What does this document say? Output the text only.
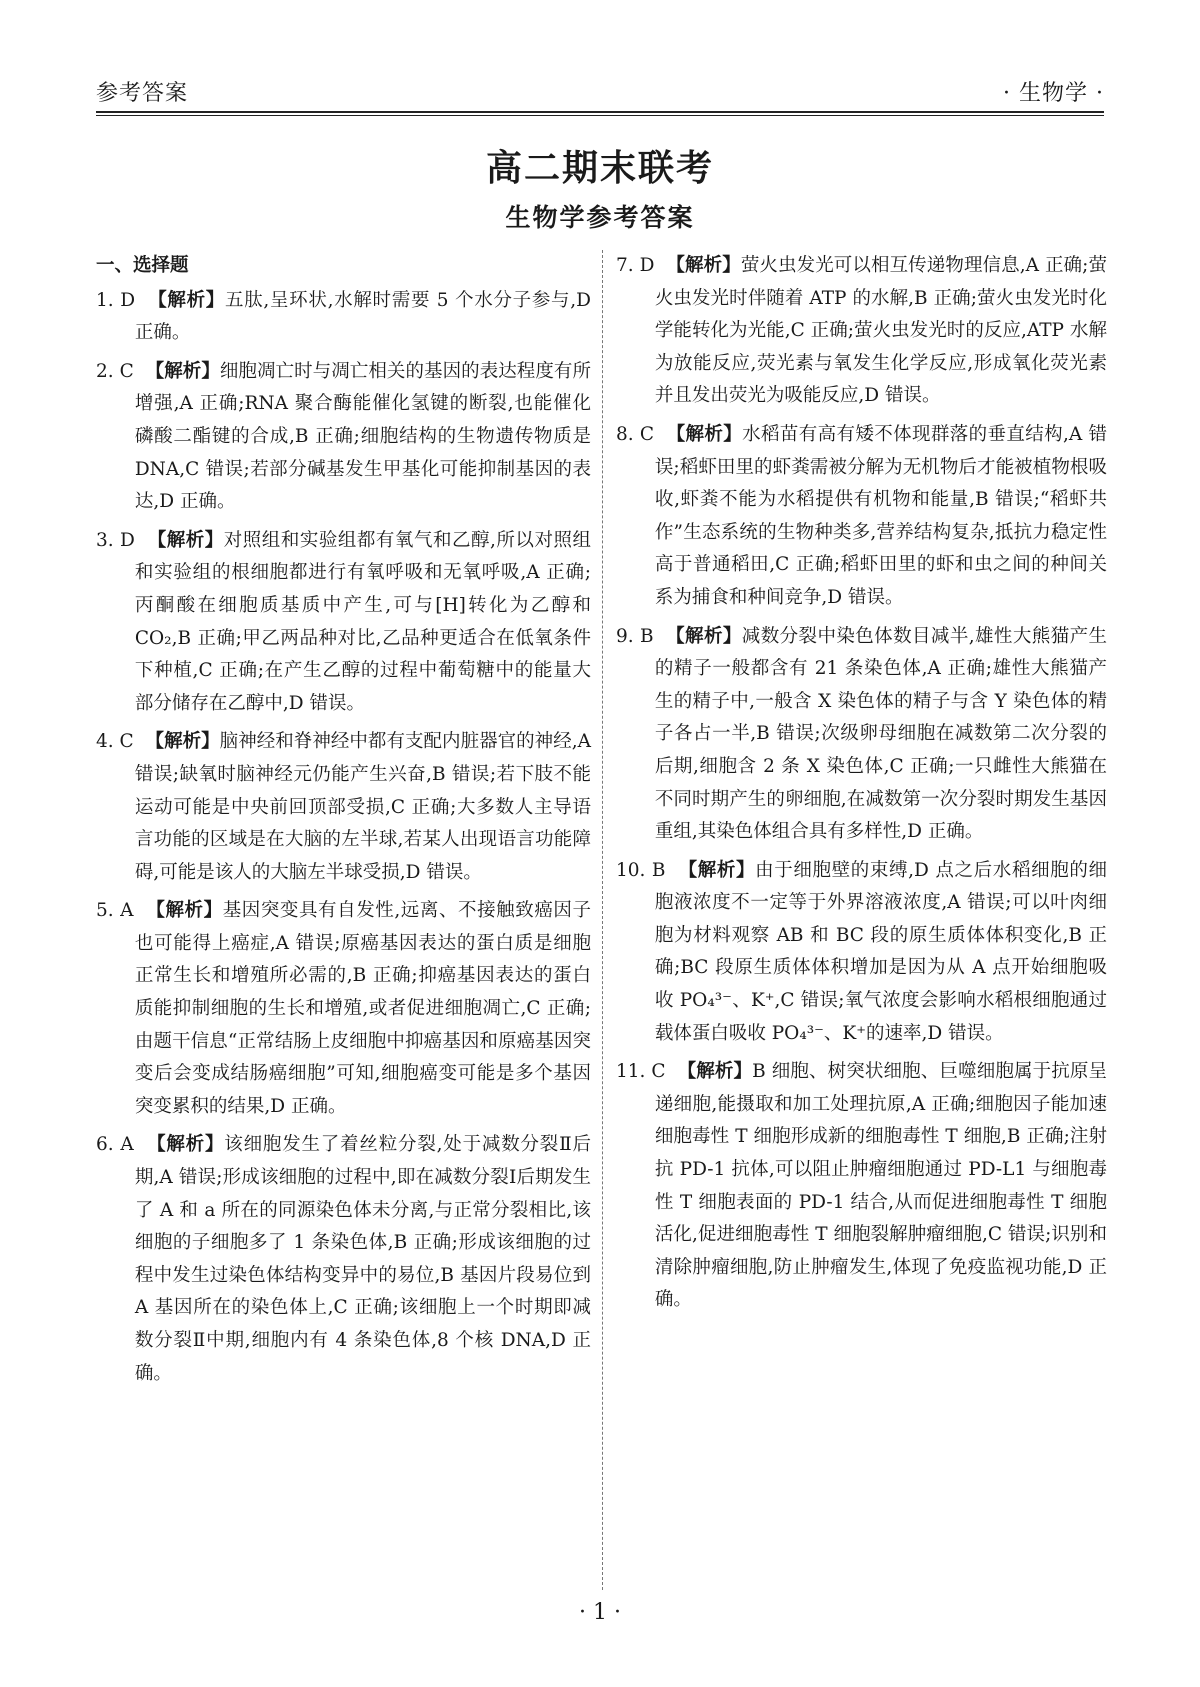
参考答案	· 生物学 ·
高二期末联考
生物学参考答案
一、选择题
1. D 【解析】五肽,呈环状,水解时需要 5 个水分子参与,D 正确。
2. C 【解析】细胞凋亡时与凋亡相关的基因的表达程度有所增强,A 正确;RNA 聚合酶能催化氢键的断裂,也能催化磷酸二酯键的合成,B 正确;细胞结构的生物遗传物质是 DNA,C 错误;若部分碱基发生甲基化可能抑制基因的表达,D 正确。
3. D 【解析】对照组和实验组都有氧气和乙醇,所以对照组和实验组的根细胞都进行有氧呼吸和无氧呼吸,A 正确;丙酮酸在细胞质基质中产生,可与[H]转化为乙醇和 CO₂,B 正确;甲乙两品种对比,乙品种更适合在低氧条件下种植,C 正确;在产生乙醇的过程中葡萄糖中的能量大部分储存在乙醇中,D 错误。
4. C 【解析】脑神经和脊神经中都有支配内脏器官的神经,A 错误;缺氧时脑神经元仍能产生兴奋,B 错误;若下肢不能运动可能是中央前回顶部受损,C 正确;大多数人主导语言功能的区域是在大脑的左半球,若某人出现语言功能障碍,可能是该人的大脑左半球受损,D 错误。
5. A 【解析】基因突变具有自发性,远离、不接触致癌因子也可能得上癌症,A 错误;原癌基因表达的蛋白质是细胞正常生长和增殖所必需的,B 正确;抑癌基因表达的蛋白质能抑制细胞的生长和增殖,或者促进细胞凋亡,C 正确;由题干信息“正常结肠上皮细胞中抑癌基因和原癌基因突变后会变成结肠癌细胞”可知,细胞癌变可能是多个基因突变累积的结果,D 正确。
6. A 【解析】该细胞发生了着丝粒分裂,处于减数分裂Ⅱ后期,A 错误;形成该细胞的过程中,即在减数分裂Ⅰ后期发生了 A 和 a 所在的同源染色体未分离,与正常分裂相比,该细胞的子细胞多了 1 条染色体,B 正确;形成该细胞的过程中发生过染色体结构变异中的易位,B 基因片段易位到 A 基因所在的染色体上,C 正确;该细胞上一个时期即减数分裂Ⅱ中期,细胞内有 4 条染色体,8 个核 DNA,D 正确。
7. D 【解析】萤火虫发光可以相互传递物理信息,A 正确;萤火虫发光时伴随着 ATP 的水解,B 正确;萤火虫发光时化学能转化为光能,C 正确;萤火虫发光时的反应,ATP 水解为放能反应,荧光素与氧发生化学反应,形成氧化荧光素并且发出荧光为吸能反应,D 错误。
8. C 【解析】水稻苗有高有矮不体现群落的垂直结构,A 错误;稻虾田里的虾粪需被分解为无机物后才能被植物根吸收,虾粪不能为水稻提供有机物和能量,B 错误;“稻虾共作”生态系统的生物种类多,营养结构复杂,抵抗力稳定性高于普通稻田,C 正确;稻虾田里的虾和虫之间的种间关系为捕食和种间竞争,D 错误。
9. B 【解析】减数分裂中染色体数目减半,雄性大熊猫产生的精子一般都含有 21 条染色体,A 正确;雄性大熊猫产生的精子中,一般含 X 染色体的精子与含 Y 染色体的精子各占一半,B 错误;次级卵母细胞在减数第二次分裂的后期,细胞含 2 条 X 染色体,C 正确;一只雌性大熊猫在不同时期产生的卵细胞,在减数第一次分裂时期发生基因重组,其染色体组合具有多样性,D 正确。
10. B 【解析】由于细胞壁的束缚,D 点之后水稻细胞的细胞液浓度不一定等于外界溶液浓度,A 错误;可以叶肉细胞为材料观察 AB 和 BC 段的原生质体体积变化,B 正确;BC 段原生质体体积增加是因为从 A 点开始细胞吸收 PO₄³⁻、K⁺,C 错误;氧气浓度会影响水稻根细胞通过载体蛋白吸收 PO₄³⁻、K⁺的速率,D 错误。
11. C 【解析】B 细胞、树突状细胞、巨噬细胞属于抗原呈递细胞,能摄取和加工处理抗原,A 正确;细胞因子能加速细胞毒性 T 细胞形成新的细胞毒性 T 细胞,B 正确;注射抗 PD-1 抗体,可以阻止肿瘤细胞通过 PD-L1 与细胞毒性 T 细胞表面的 PD-1 结合,从而促进细胞毒性 T 细胞活化,促进细胞毒性 T 细胞裂解肿瘤细胞,C 错误;识别和清除肿瘤细胞,防止肿瘤发生,体现了免疫监视功能,D 正确。
· 1 ·
